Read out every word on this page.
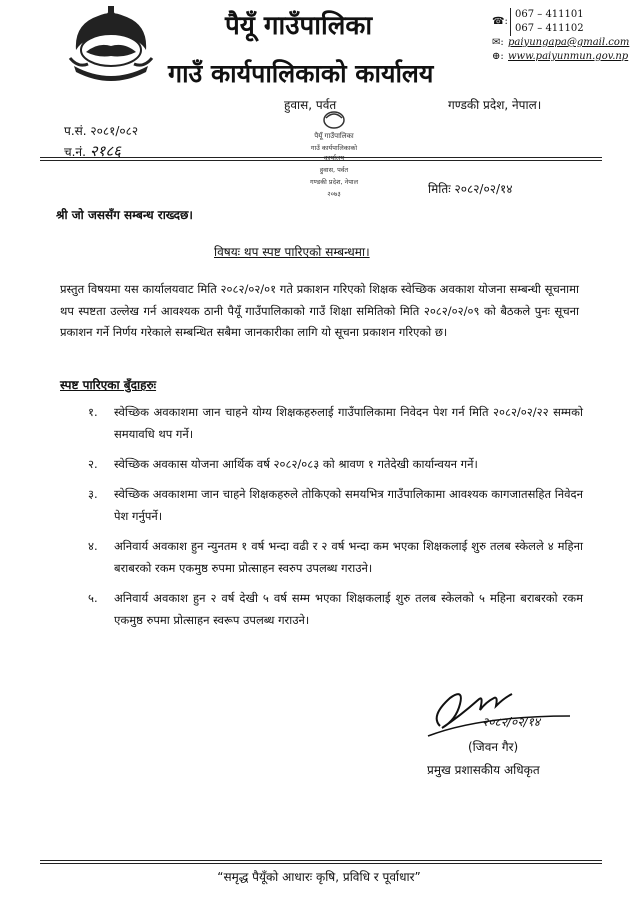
पैयूँ गाउँपालिका
गाउँ कार्यपालिकाको कार्यालय
☎:
067 – 411101
067 – 411102
✉: paiyungapa@gmail.com
⊕: www.paiyunmun.gov.np
हुवास, पर्वत	गण्डकी प्रदेश, नेपाल।
प.सं. २०८१/०८२
च.नं. २१८६
पैयूँ गाउँपालिका
गाउँ कार्यपालिकाको
कार्यालय
हुवास, पर्वत
गण्डकी प्रदेश, नेपाल
२०७३	मितिः २०८२/०२/१४
श्री जो जससँग सम्बन्ध राख्दछ।
विषयः थप स्पष्ट पारिएको सम्बन्धमा।
प्रस्तुत विषयमा यस कार्यालयवाट मिति २०८२/०२/०१ गते प्रकाशन गरिएको शिक्षक स्वेच्छिक अवकाश योजना सम्बन्धी सूचनामा थप स्पष्टता उल्लेख गर्न आवश्यक ठानी पैयूँ गाउँपालिकाको गाउँ शिक्षा समितिको मिति २०८२/०२/०९ को बैठकले पुनः सूचना प्रकाशन गर्ने निर्णय गरेकाले सम्बन्धित सबैमा जानकारीका लागि यो सूचना प्रकाशन गरिएको छ।
स्पष्ट पारिएका बुँदाहरुः
१.	स्वेच्छिक अवकाशमा जान चाहने योग्य शिक्षकहरुलाई गाउँपालिकामा निवेदन पेश गर्न मिति २०८२/०२/२२ सम्मको समयावधि थप गर्ने।
२.	स्वेच्छिक अवकास योजना आर्थिक वर्ष २०८२/०८३ को श्रावण १ गतेदेखी कार्यान्वयन गर्ने।
३.	स्वेच्छिक अवकाशमा जान चाहने शिक्षकहरुले तोकिएको समयभित्र गाउँपालिकामा आवश्यक कागजातसहित निवेदन पेश गर्नुपर्ने।
४.	अनिवार्य अवकाश हुन न्युनतम १ वर्ष भन्दा वढी र २ वर्ष भन्दा कम भएका शिक्षकलाई शुरु तलब स्केलले ४ महिना बराबरको रकम एकमुष्ठ रुपमा प्रोत्साहन स्वरुप उपलब्ध गराउने।
५.	अनिवार्य अवकाश हुन २ वर्ष देखी ५ वर्ष सम्म भएका शिक्षकलाई शुरु तलब स्केलको ५ महिना बराबरको रकम एकमुष्ठ रुपमा प्रोत्साहन स्वरूप उपलब्ध गराउने।
२०८२/०२/१४
(जिवन गैर)
प्रमुख प्रशासकीय अधिकृत
“समृद्ध पैयूँको आधारः कृषि, प्रविधि र पूर्वाधार”
